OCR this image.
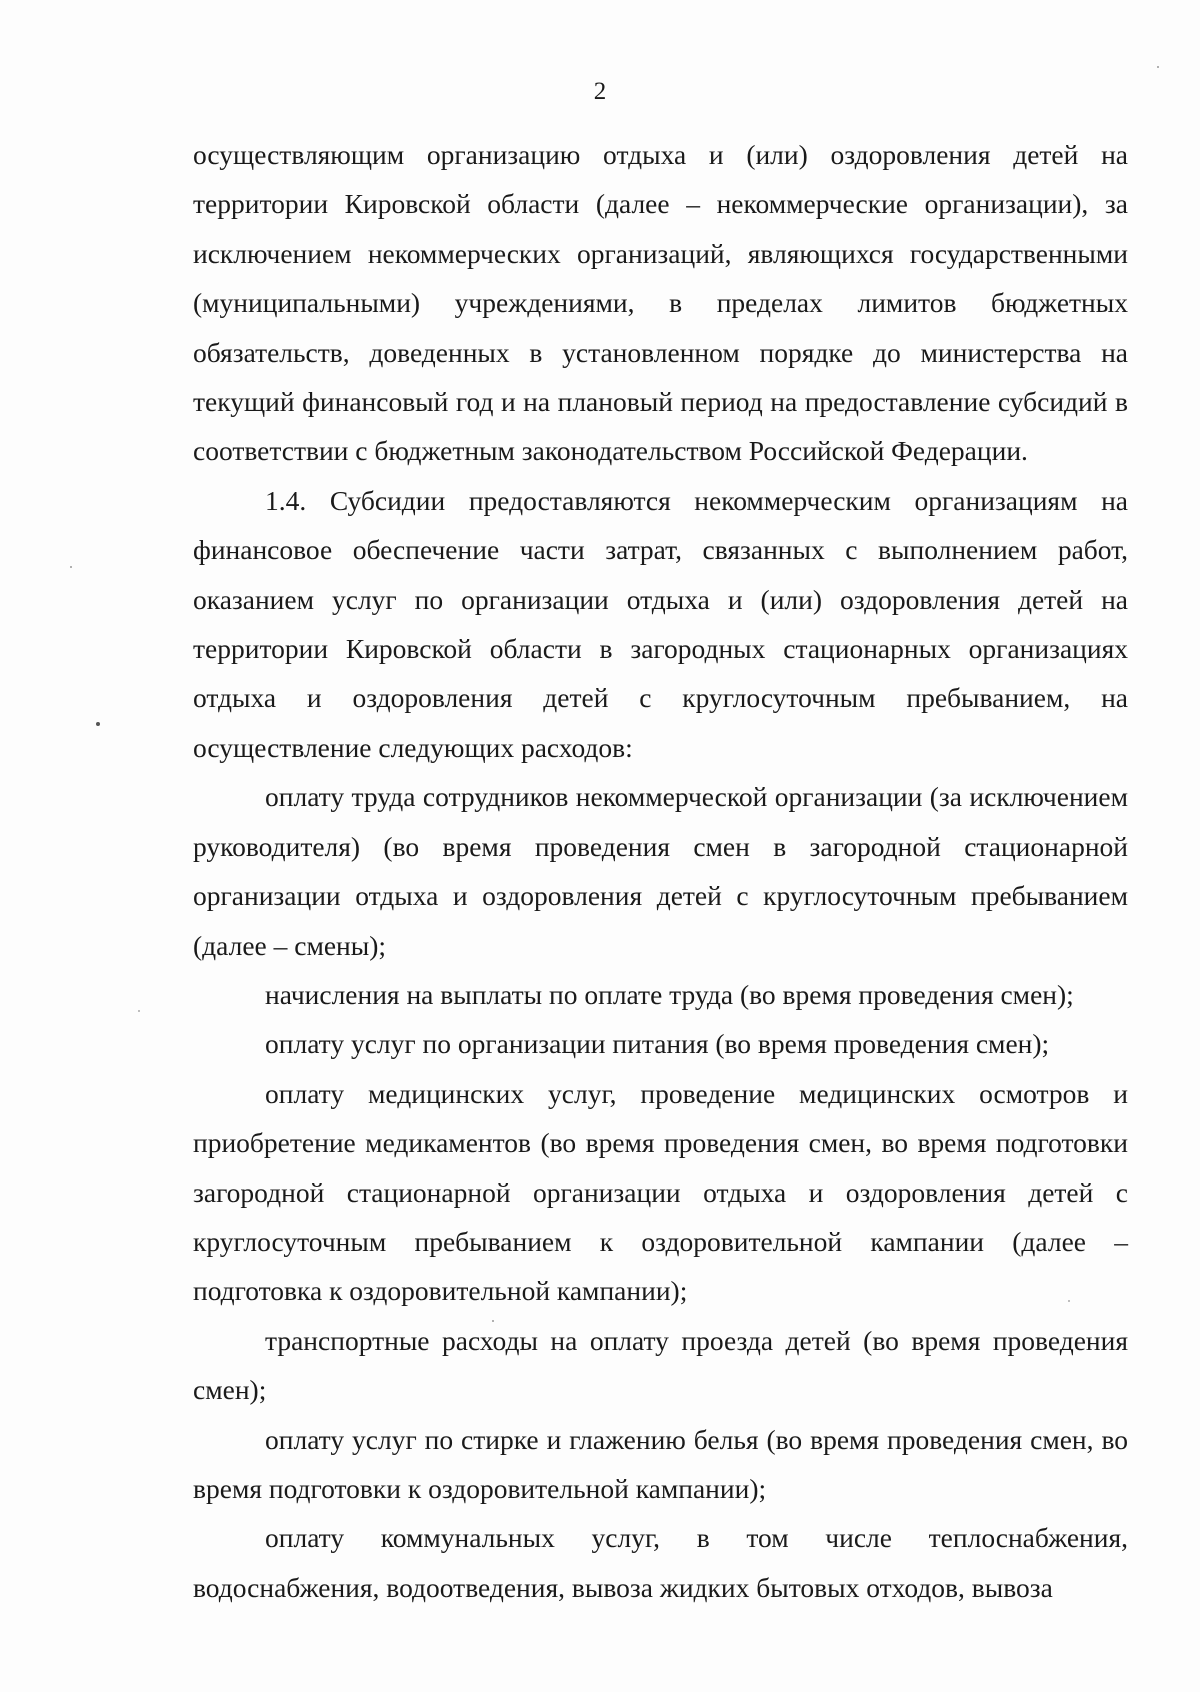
2

осуществляющим организацию отдыха и (или) оздоровления детей на территории Кировской области (далее – некоммерческие организации), за исключением некоммерческих организаций, являющихся государственными (муниципальными) учреждениями, в пределах лимитов бюджетных обязательств, доведенных в установленном порядке до министерства на текущий финансовый год и на плановый период на предоставление субсидий в соответствии с бюджетным законодательством Российской Федерации.

1.4. Субсидии предоставляются некоммерческим организациям на финансовое обеспечение части затрат, связанных с выполнением работ, оказанием услуг по организации отдыха и (или) оздоровления детей на территории Кировской области в загородных стационарных организациях отдыха и оздоровления детей с круглосуточным пребыванием, на осуществление следующих расходов:

оплату труда сотрудников некоммерческой организации (за исключением руководителя) (во время проведения смен в загородной стационарной организации отдыха и оздоровления детей с круглосуточным пребыванием (далее – смены);

начисления на выплаты по оплате труда (во время проведения смен);

оплату услуг по организации питания (во время проведения смен);

оплату медицинских услуг, проведение медицинских осмотров и приобретение медикаментов (во время проведения смен, во время подготовки загородной стационарной организации отдыха и оздоровления детей с круглосуточным пребыванием к оздоровительной кампании (далее – подготовка к оздоровительной кампании);

транспортные расходы на оплату проезда детей (во время проведения смен);

оплату услуг по стирке и глажению белья (во время проведения смен, во время подготовки к оздоровительной кампании);

оплату коммунальных услуг, в том числе теплоснабжения, водоснабжения, водоотведения, вывоза жидких бытовых отходов, вывоза
